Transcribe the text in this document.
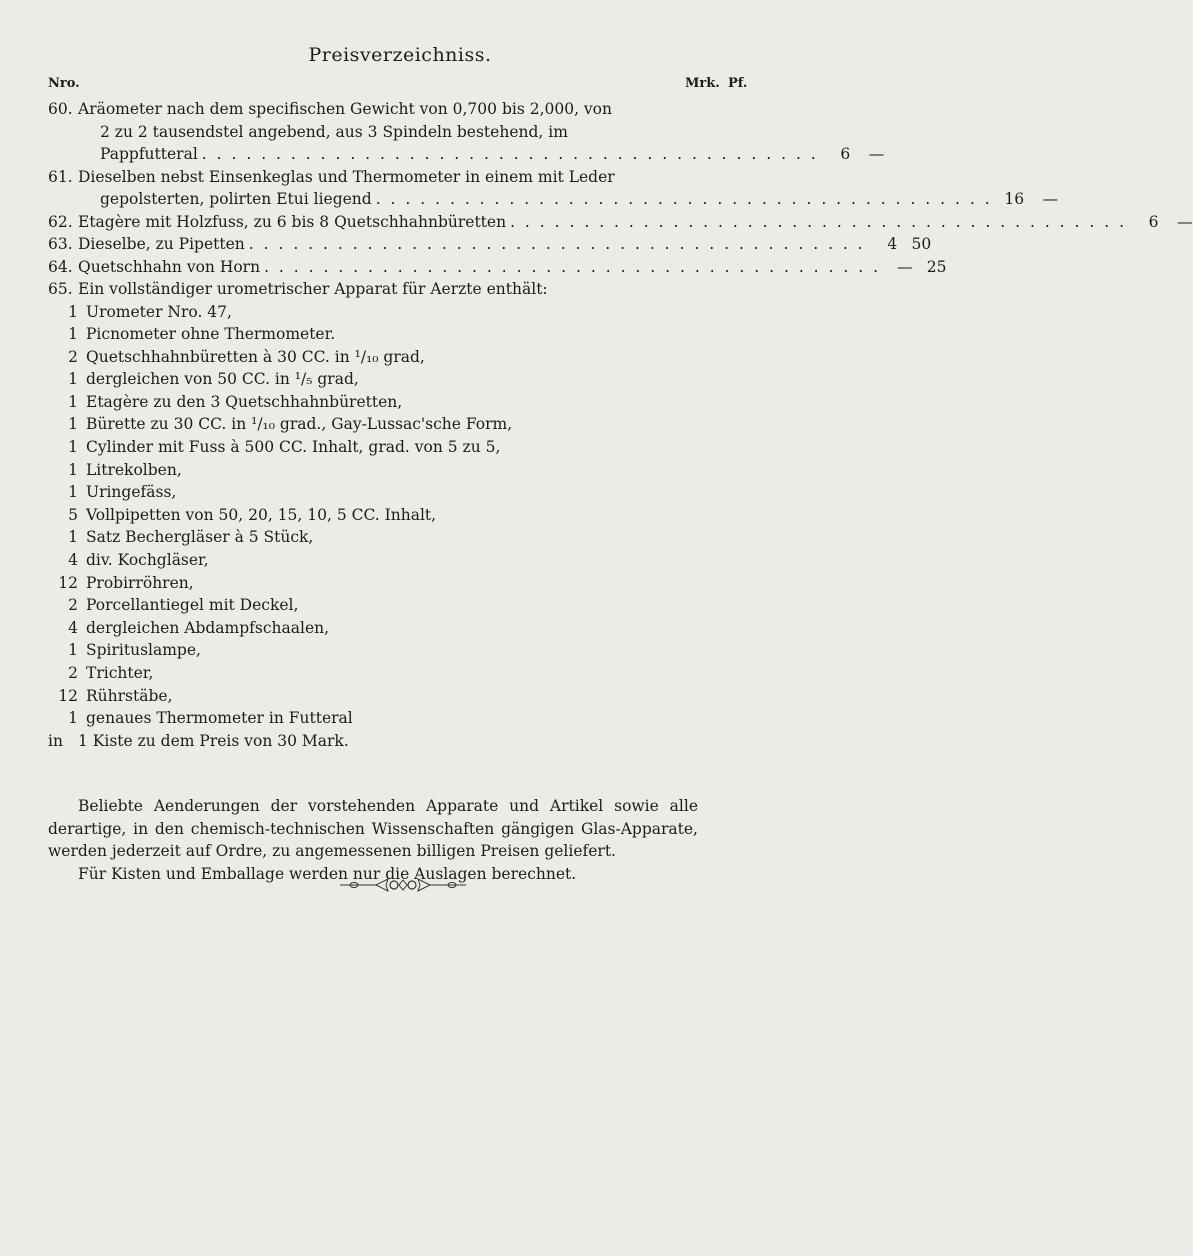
Preisverzeichniss.
Nro.	Mrk. Pf.
60. Aräometer nach dem specifischen Gewicht von 0,700 bis 2,000, von
2 zu 2 tausendstel angebend, aus 3 Spindeln bestehend, im
Pappfutteral . . . . . . . . . . . . . . . . . . . . . . . . . . . . . . . . . . . . . . . . . .	6	—
61. Dieselben nebst Einsenkeglas und Thermometer in einem mit Leder
gepolsterten, polirten Etui liegend . . . . . . . . . . . . . . . . . . . . . . . . . . . . . . . . . . . . . . . . . . 16	—
62. Etagère mit Holzfuss, zu 6 bis 8 Quetschhahnbüretten . . . . . . . . . . . . . . . . . . . . . . . . . . . . . . . . . . . . . . . . . .	6	—
63. Dieselbe, zu Pipetten . . . . . . . . . . . . . . . . . . . . . . . . . . . . . . . . . . . . . . . . . .	4 50
64. Quetschhahn von Horn . . . . . . . . . . . . . . . . . . . . . . . . . . . . . . . . . . . . . . . . . .	— 25
65. Ein vollständiger urometrischer Apparat für Aerzte enthält:
1 Urometer Nro. 47,
1 Picnometer ohne Thermometer.
2 Quetschhahnbüretten à 30 CC. in ¹/₁₀ grad,
1 dergleichen von 50 CC. in ¹/₅ grad,
1 Etagère zu den 3 Quetschhahnbüretten,
1 Bürette zu 30 CC. in ¹/₁₀ grad., Gay-Lussac'sche Form,
1 Cylinder mit Fuss à 500 CC. Inhalt, grad. von 5 zu 5,
1 Litrekolben,
1 Uringefäss,
5 Vollpipetten von 50, 20, 15, 10, 5 CC. Inhalt,
1 Satz Bechergläser à 5 Stück,
4 div. Kochgläser,
12 Probirröhren,
2 Porcellantiegel mit Deckel,
4 dergleichen Abdampfschaalen,
1 Spirituslampe,
2 Trichter,
12 Rührstäbe,
1 genaues Thermometer in Futteral
in 1 Kiste zu dem Preis von 30 Mark.

Beliebte Aenderungen der vorstehenden Apparate und Artikel sowie alle derartige, in den chemisch-technischen Wissenschaften gängigen Glas-Apparate, werden jederzeit auf Ordre, zu angemessenen billigen Preisen geliefert.

Für Kisten und Emballage werden nur die Auslagen berechnet.
